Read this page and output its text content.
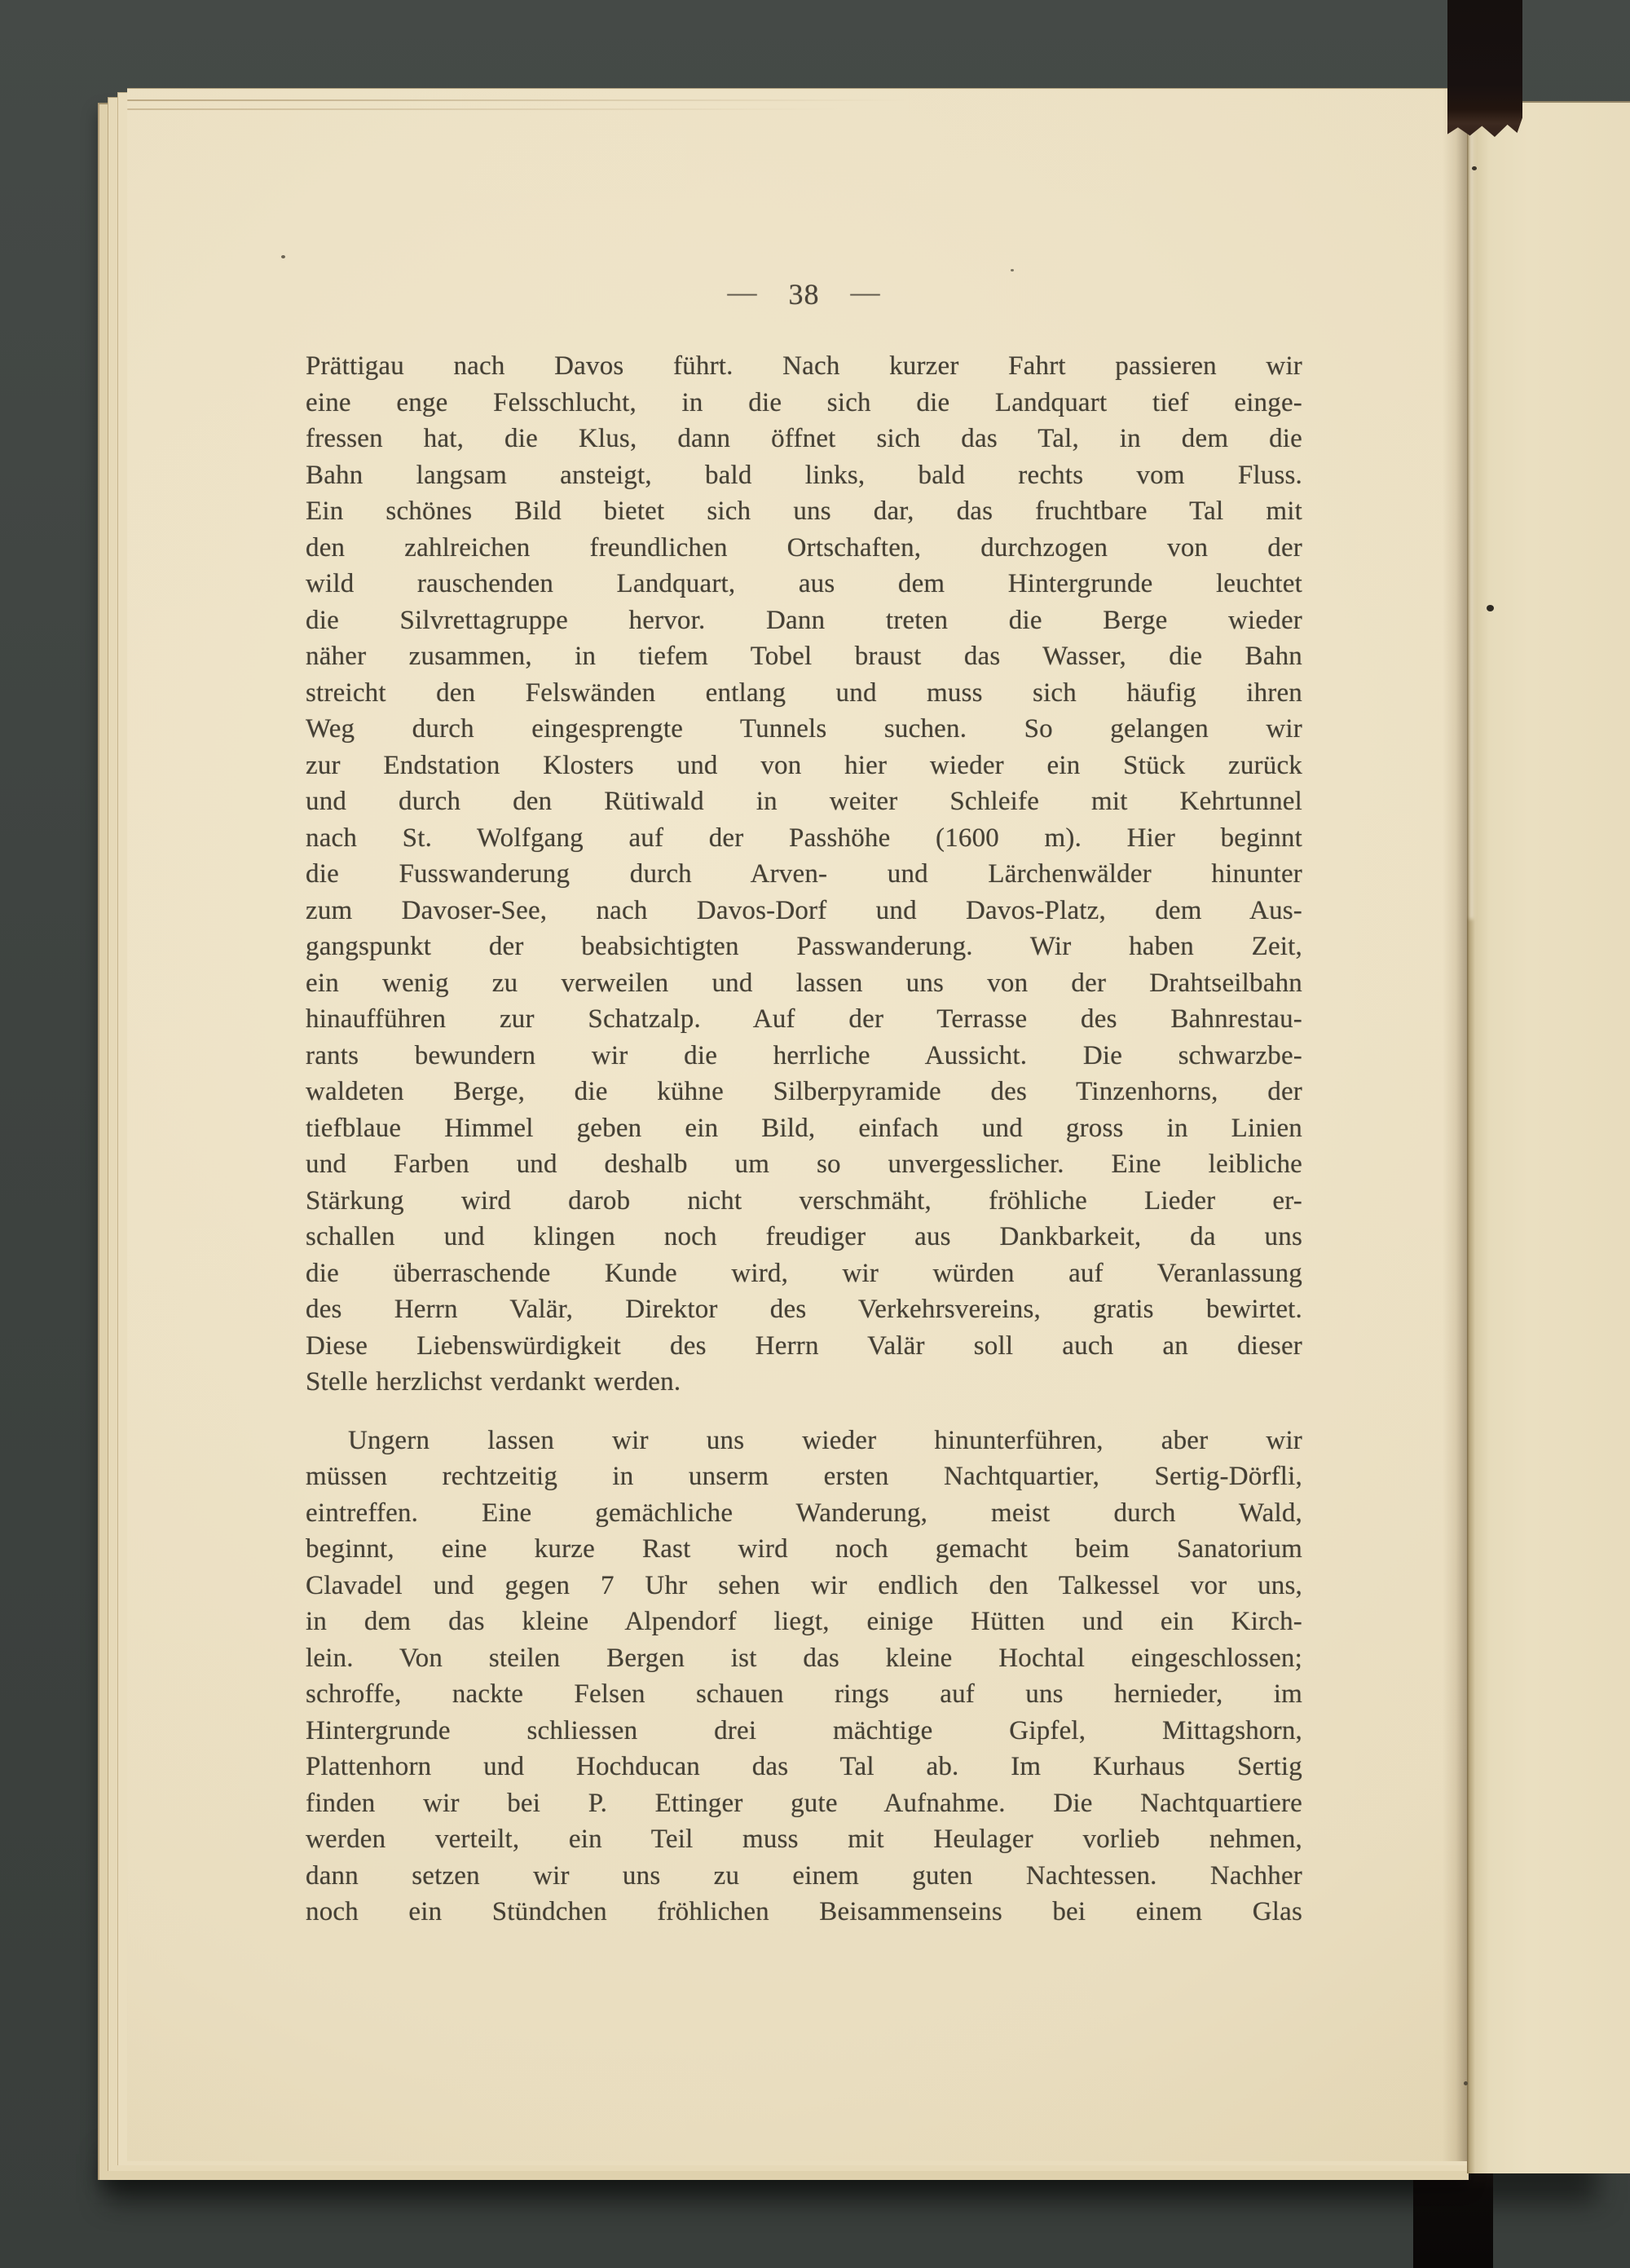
— 38 —
Prättigau nach Davos führt. Nach kurzer Fahrt passieren wir
eine enge Felsschlucht, in die sich die Landquart tief einge-
fressen hat, die Klus, dann öffnet sich das Tal, in dem die
Bahn langsam ansteigt, bald links, bald rechts vom Fluss.
Ein schönes Bild bietet sich uns dar, das fruchtbare Tal mit
den zahlreichen freundlichen Ortschaften, durchzogen von der
wild rauschenden Landquart, aus dem Hintergrunde leuchtet
die Silvrettagruppe hervor. Dann treten die Berge wieder
näher zusammen, in tiefem Tobel braust das Wasser, die Bahn
streicht den Felswänden entlang und muss sich häufig ihren
Weg durch eingesprengte Tunnels suchen. So gelangen wir
zur Endstation Klosters und von hier wieder ein Stück zurück
und durch den Rütiwald in weiter Schleife mit Kehrtunnel
nach St. Wolfgang auf der Passhöhe (1600 m). Hier beginnt
die Fusswanderung durch Arven- und Lärchenwälder hinunter
zum Davoser-See, nach Davos-Dorf und Davos-Platz, dem Aus-
gangspunkt der beabsichtigten Passwanderung. Wir haben Zeit,
ein wenig zu verweilen und lassen uns von der Drahtseilbahn
hinaufführen zur Schatzalp. Auf der Terrasse des Bahnrestau-
rants bewundern wir die herrliche Aussicht. Die schwarzbe-
waldeten Berge, die kühne Silberpyramide des Tinzenhorns, der
tiefblaue Himmel geben ein Bild, einfach und gross in Linien
und Farben und deshalb um so unvergesslicher. Eine leibliche
Stärkung wird darob nicht verschmäht, fröhliche Lieder er-
schallen und klingen noch freudiger aus Dankbarkeit, da uns
die überraschende Kunde wird, wir würden auf Veranlassung
des Herrn Valär, Direktor des Verkehrsvereins, gratis bewirtet.
Diese Liebenswürdigkeit des Herrn Valär soll auch an dieser
Stelle herzlichst verdankt werden.
Ungern lassen wir uns wieder hinunterführen, aber wir
müssen rechtzeitig in unserm ersten Nachtquartier, Sertig-Dörfli,
eintreffen. Eine gemächliche Wanderung, meist durch Wald,
beginnt, eine kurze Rast wird noch gemacht beim Sanatorium
Clavadel und gegen 7 Uhr sehen wir endlich den Talkessel vor uns,
in dem das kleine Alpendorf liegt, einige Hütten und ein Kirch-
lein. Von steilen Bergen ist das kleine Hochtal eingeschlossen;
schroffe, nackte Felsen schauen rings auf uns hernieder, im
Hintergrunde schliessen drei mächtige Gipfel, Mittagshorn,
Plattenhorn und Hochducan das Tal ab. Im Kurhaus Sertig
finden wir bei P. Ettinger gute Aufnahme. Die Nachtquartiere
werden verteilt, ein Teil muss mit Heulager vorlieb nehmen,
dann setzen wir uns zu einem guten Nachtessen. Nachher
noch ein Stündchen fröhlichen Beisammenseins bei einem Glas
